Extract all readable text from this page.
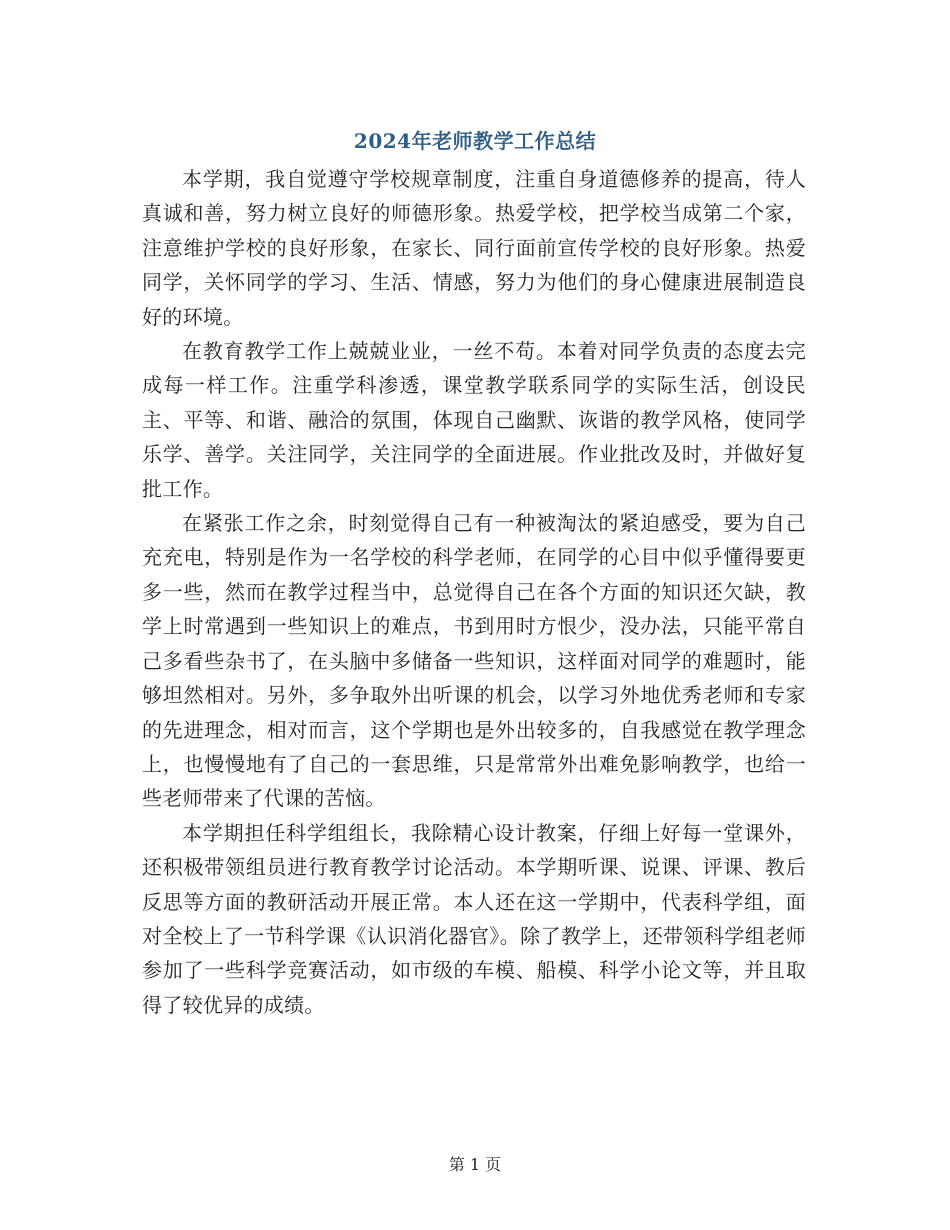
2024年老师教学工作总结

本学期，我自觉遵守学校规章制度，注重自身道德修养的提高，待人真诚和善，努力树立良好的师德形象。热爱学校，把学校当成第二个家，注意维护学校的良好形象，在家长、同行面前宣传学校的良好形象。热爱同学，关怀同学的学习、生活、情感，努力为他们的身心健康进展制造良好的环境。

在教育教学工作上兢兢业业，一丝不苟。本着对同学负责的态度去完成每一样工作。注重学科渗透，课堂教学联系同学的实际生活，创设民主、平等、和谐、融洽的氛围，体现自己幽默、诙谐的教学风格，使同学乐学、善学。关注同学，关注同学的全面进展。作业批改及时，并做好复批工作。

在紧张工作之余，时刻觉得自己有一种被淘汰的紧迫感受，要为自己充充电，特别是作为一名学校的科学老师，在同学的心目中似乎懂得要更多一些，然而在教学过程当中，总觉得自己在各个方面的知识还欠缺，教学上时常遇到一些知识上的难点，书到用时方恨少，没办法，只能平常自己多看些杂书了，在头脑中多储备一些知识，这样面对同学的难题时，能够坦然相对。另外，多争取外出听课的机会，以学习外地优秀老师和专家的先进理念，相对而言，这个学期也是外出较多的，自我感觉在教学理念上，也慢慢地有了自己的一套思维，只是常常外出难免影响教学，也给一些老师带来了代课的苦恼。

本学期担任科学组组长，我除精心设计教案，仔细上好每一堂课外，还积极带领组员进行教育教学讨论活动。本学期听课、说课、评课、教后反思等方面的教研活动开展正常。本人还在这一学期中，代表科学组，面对全校上了一节科学课《认识消化器官》。除了教学上，还带领科学组老师参加了一些科学竞赛活动，如市级的车模、船模、科学小论文等，并且取得了较优异的成绩。

第 1 页
